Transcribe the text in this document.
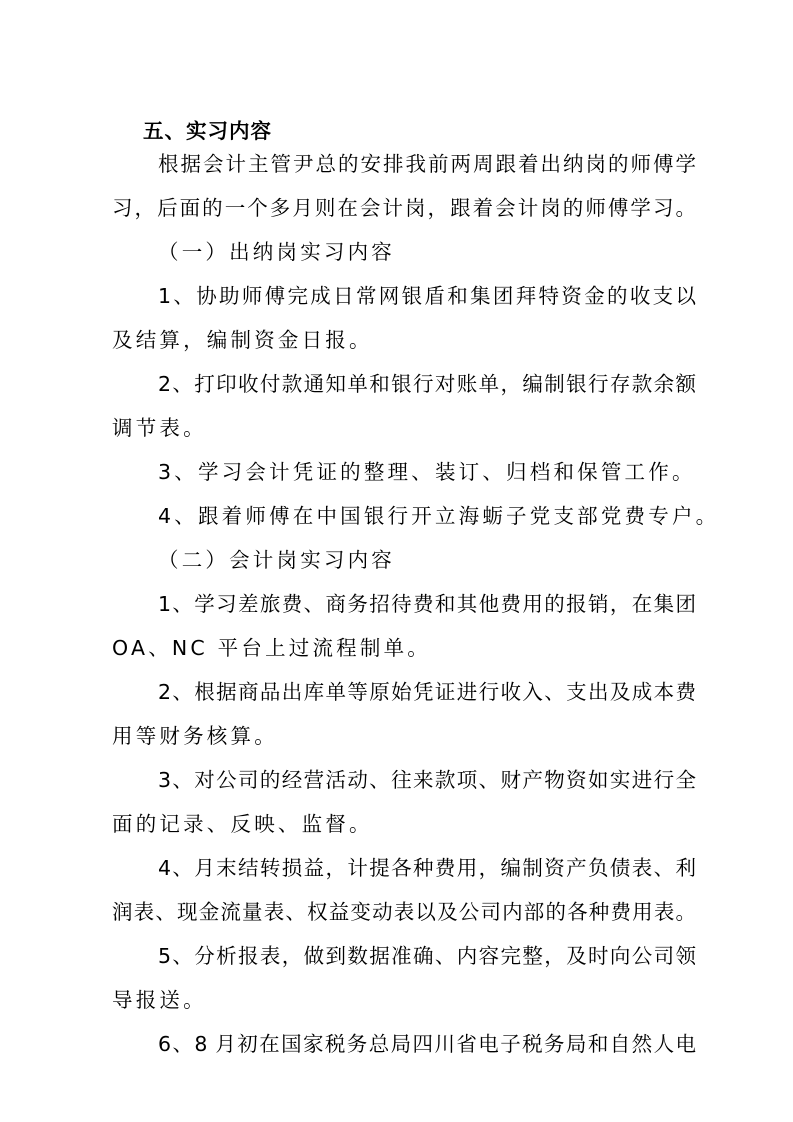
五、实习内容
根据会计主管尹总的安排我前两周跟着出纳岗的师傅学
习，后面的一个多月则在会计岗，跟着会计岗的师傅学习。
（一）出纳岗实习内容
1、协助师傅完成日常网银盾和集团拜特资金的收支以
及结算，编制资金日报。
2、打印收付款通知单和银行对账单，编制银行存款余额
调节表。
3、学习会计凭证的整理、装订、归档和保管工作。
4、跟着师傅在中国银行开立海蛎子党支部党费专户。
（二）会计岗实习内容
1、学习差旅费、商务招待费和其他费用的报销，在集团
OA、NC 平台上过流程制单。
2、根据商品出库单等原始凭证进行收入、支出及成本费
用等财务核算。
3、对公司的经营活动、往来款项、财产物资如实进行全
面的记录、反映、监督。
4、月末结转损益，计提各种费用，编制资产负债表、利
润表、现金流量表、权益变动表以及公司内部的各种费用表。
5、分析报表，做到数据准确、内容完整，及时向公司领
导报送。
6、8 月初在国家税务总局四川省电子税务局和自然人电
